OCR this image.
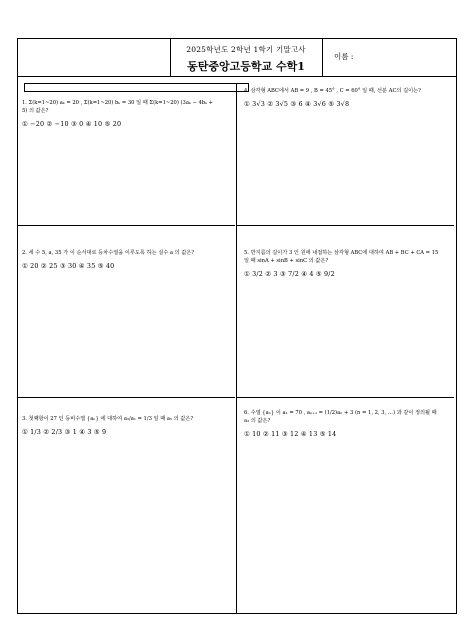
2025학년도 2학년 1학기 기말고사
동탄중앙고등학교 수학1
이름 :
1. Σ(k=1~20) aₖ = 20 , Σ(k=1~20) bₖ = 30 일 때 Σ(k=1~20) (3aₖ − 4bₖ + 5) 의 값은?
① −20 ② −10 ③ 0 ④ 10 ⑤ 20
2. 세 수 5, a, 35 가 이 순서대로 등차수열을 이루도록 하는 실수 a 의 값은?
① 20 ② 25 ③ 30 ④ 35 ⑤ 40
3. 첫째항이 27 인 등비수열 {aₙ} 에 대하여 a₃/a₁ = 1/3 일 때 a₅ 의 값은?
① 1/3 ② 2/3 ③ 1 ④ 3 ⑤ 9
4. 삼각형 ABC에서 AB = 9 , B = 45° , C = 60° 일 때, 선분 AC의 길이는?
① 3√3 ② 3√5 ③ 6 ④ 3√6 ⑤ 3√8
5. 반지름의 길이가 3 인 원에 내접하는 삼각형 ABC에 대하여 AB + BC + CA = 15 일 때 sinA + sinB + sinC 의 값은?
① 3/2 ② 3 ③ 7/2 ④ 4 ⑤ 9/2
6. 수열 {aₙ} 이 a₁ = 70 , aₙ₊₁ = (1/2)aₙ + 3 (n = 1, 2, 3, …) 과 같이 정의될 때 a₃ 의 값은?
① 10 ② 11 ③ 12 ④ 13 ⑤ 14
